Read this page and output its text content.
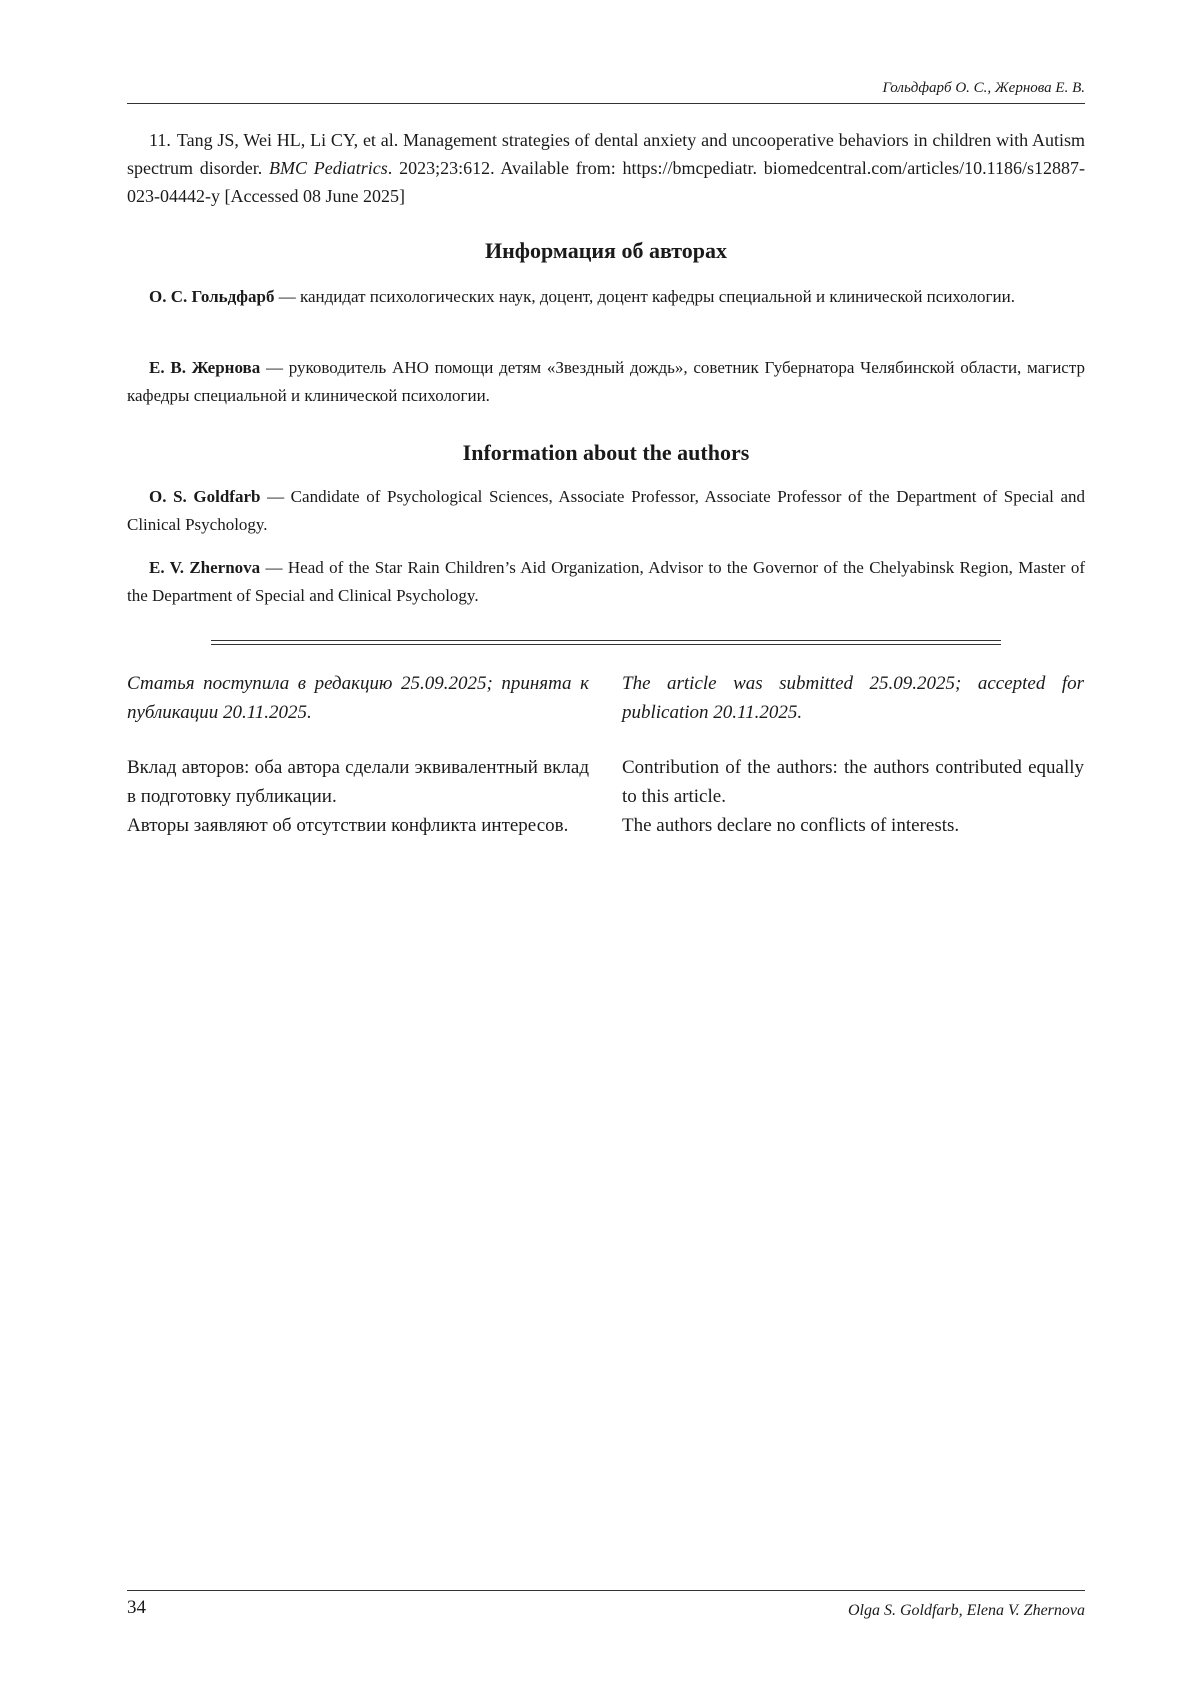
Гольдфарб О. С., Жернова Е. В.
11. Tang JS, Wei HL, Li CY, et al. Management strategies of dental anxiety and uncooperative behaviors in children with Autism spectrum disorder. BMC Pediatrics. 2023;23:612. Available from: https://bmcpediatr. biomedcentral.com/articles/10.1186/s12887-023-04442-y [Accessed 08 June 2025]
Информация об авторах
О. С. Гольдфарб — кандидат психологических наук, доцент, доцент кафедры специальной и клинической психологии.
Е. В. Жернова — руководитель АНО помощи детям «Звездный дождь», советник Губернатора Челябинской области, магистр кафедры специальной и клинической психологии.
Information about the authors
O. S. Goldfarb — Candidate of Psychological Sciences, Associate Professor, Associate Professor of the Department of Special and Clinical Psychology.
E. V. Zhernova — Head of the Star Rain Children’s Aid Organization, Advisor to the Governor of the Chelyabinsk Region, Master of the Department of Special and Clinical Psychology.
Статья поступила в редакцию 25.09.2025; принята к публикации 20.11.2025.
The article was submitted 25.09.2025; accepted for publication 20.11.2025.

Вклад авторов: оба автора сделали эквивалентный вклад в подготовку публикации.

Авторы заявляют об отсутствии конфликта интересов.

Contribution of the authors: the authors contributed equally to this article.

The authors declare no conflicts of interests.

34	Olga S. Goldfarb, Elena V. Zhernova
